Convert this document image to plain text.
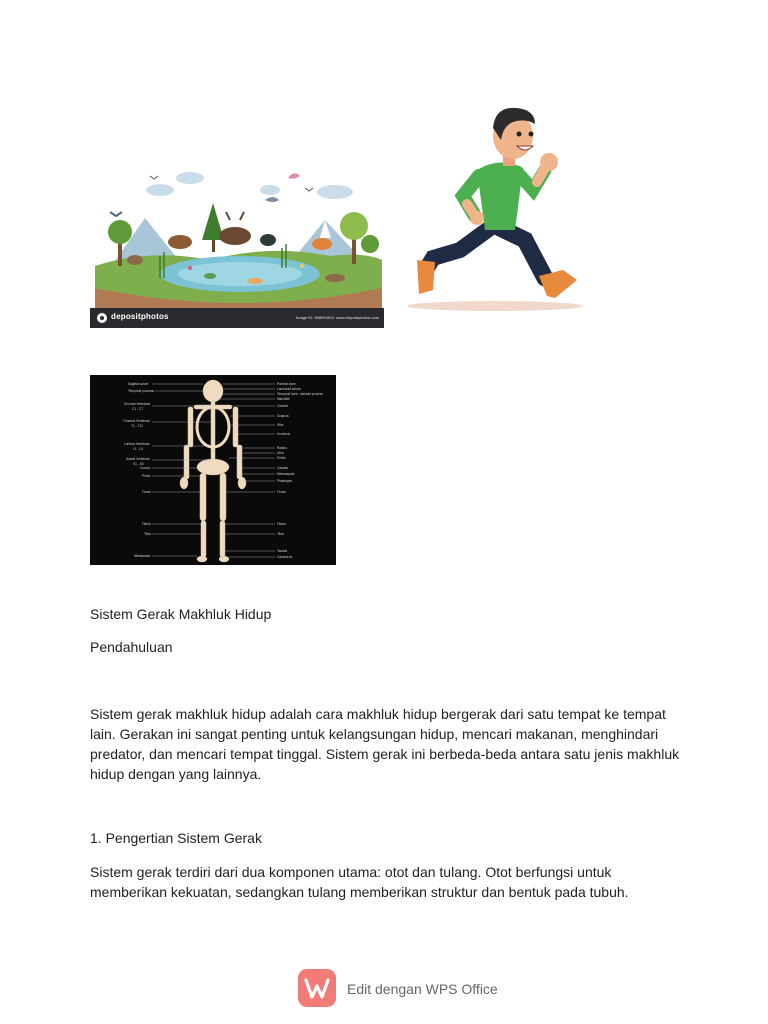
depositphotos	Image ID: 598054910 www.depositphotos.com
Sagittal suture
Temporal process
Cervical Vertebrae
C1 - C7
Thoracic Vertebrae
T1 - T12
Lumbar Vertebrae
L1 - L5
Sacral Vertebrae
S1 - S5
Coccyx
Pelvis
Femur
Fibula
Tibia
Metatarsals
Parietal bone
Lambdoid suture
Temporal bone, mastoid process
Mandible
Clavicle
Scapula
Ribs
Humerus
Radius
Ulna
Pelvis
Carpals
Metacarpals
Phalanges
Femur
Fibula
Tibia
Tarsals
Calcaneus
Sistem Gerak Makhluk Hidup
Pendahuluan
Sistem gerak makhluk hidup adalah cara makhluk hidup bergerak dari satu tempat ke tempat lain. Gerakan ini sangat penting untuk kelangsungan hidup, mencari makanan, menghindari predator, dan mencari tempat tinggal. Sistem gerak ini berbeda-beda antara satu jenis makhluk hidup dengan yang lainnya.
1. Pengertian Sistem Gerak
Sistem gerak terdiri dari dua komponen utama: otot dan tulang. Otot berfungsi untuk memberikan kekuatan, sedangkan tulang memberikan struktur dan bentuk pada tubuh.
Edit dengan WPS Office
